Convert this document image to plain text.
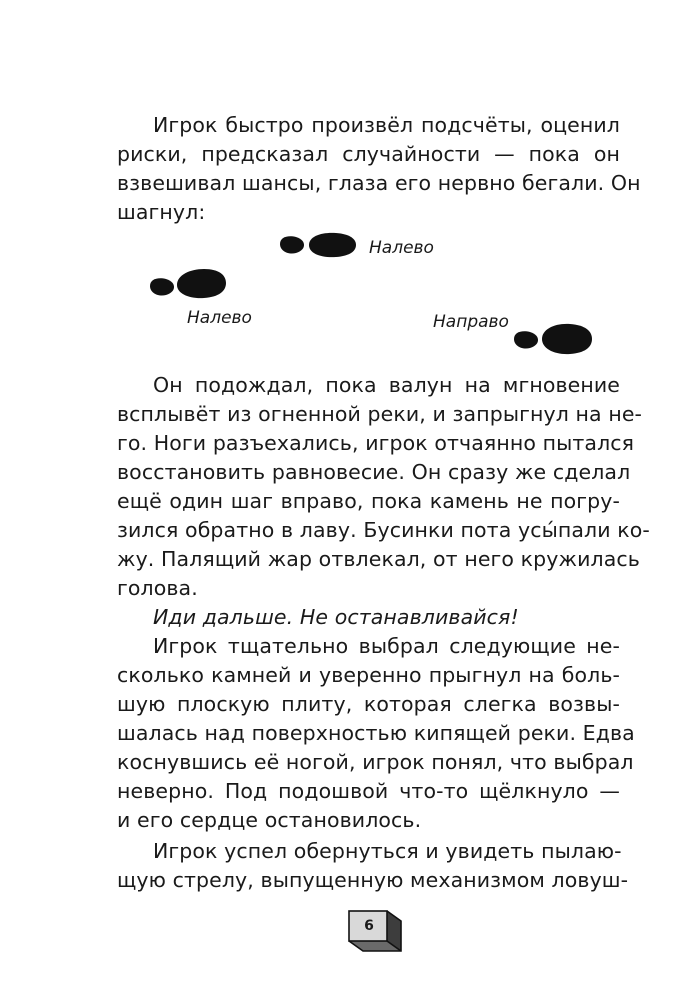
Игрок быстро произвёл подсчёты, оценил
риски, предсказал случайности — пока он
взвешивал шансы, глаза его нервно бегали. Он
шагнул:
Налево
Налево	Направо
Он подождал, пока валун на мгновение
всплывёт из огненной реки, и запрыгнул на не-
го. Ноги разъехались, игрок отчаянно пытался
восстановить равновесие. Он сразу же сделал
ещё один шаг вправо, пока камень не погру-
зился обратно в лаву. Бусинки пота усы́пали ко-
жу. Палящий жар отвлекал, от него кружилась
голова.
Иди дальше. Не останавливайся!
Игрок тщательно выбрал следующие не-
сколько камней и уверенно прыгнул на боль-
шую плоскую плиту, которая слегка возвы-
шалась над поверхностью кипящей реки. Едва
коснувшись её ногой, игрок понял, что выбрал
неверно. Под подошвой что-то щёлкнуло —
и его сердце остановилось.
Игрок успел обернуться и увидеть пылаю-
щую стрелу, выпущенную механизмом ловуш-
6
